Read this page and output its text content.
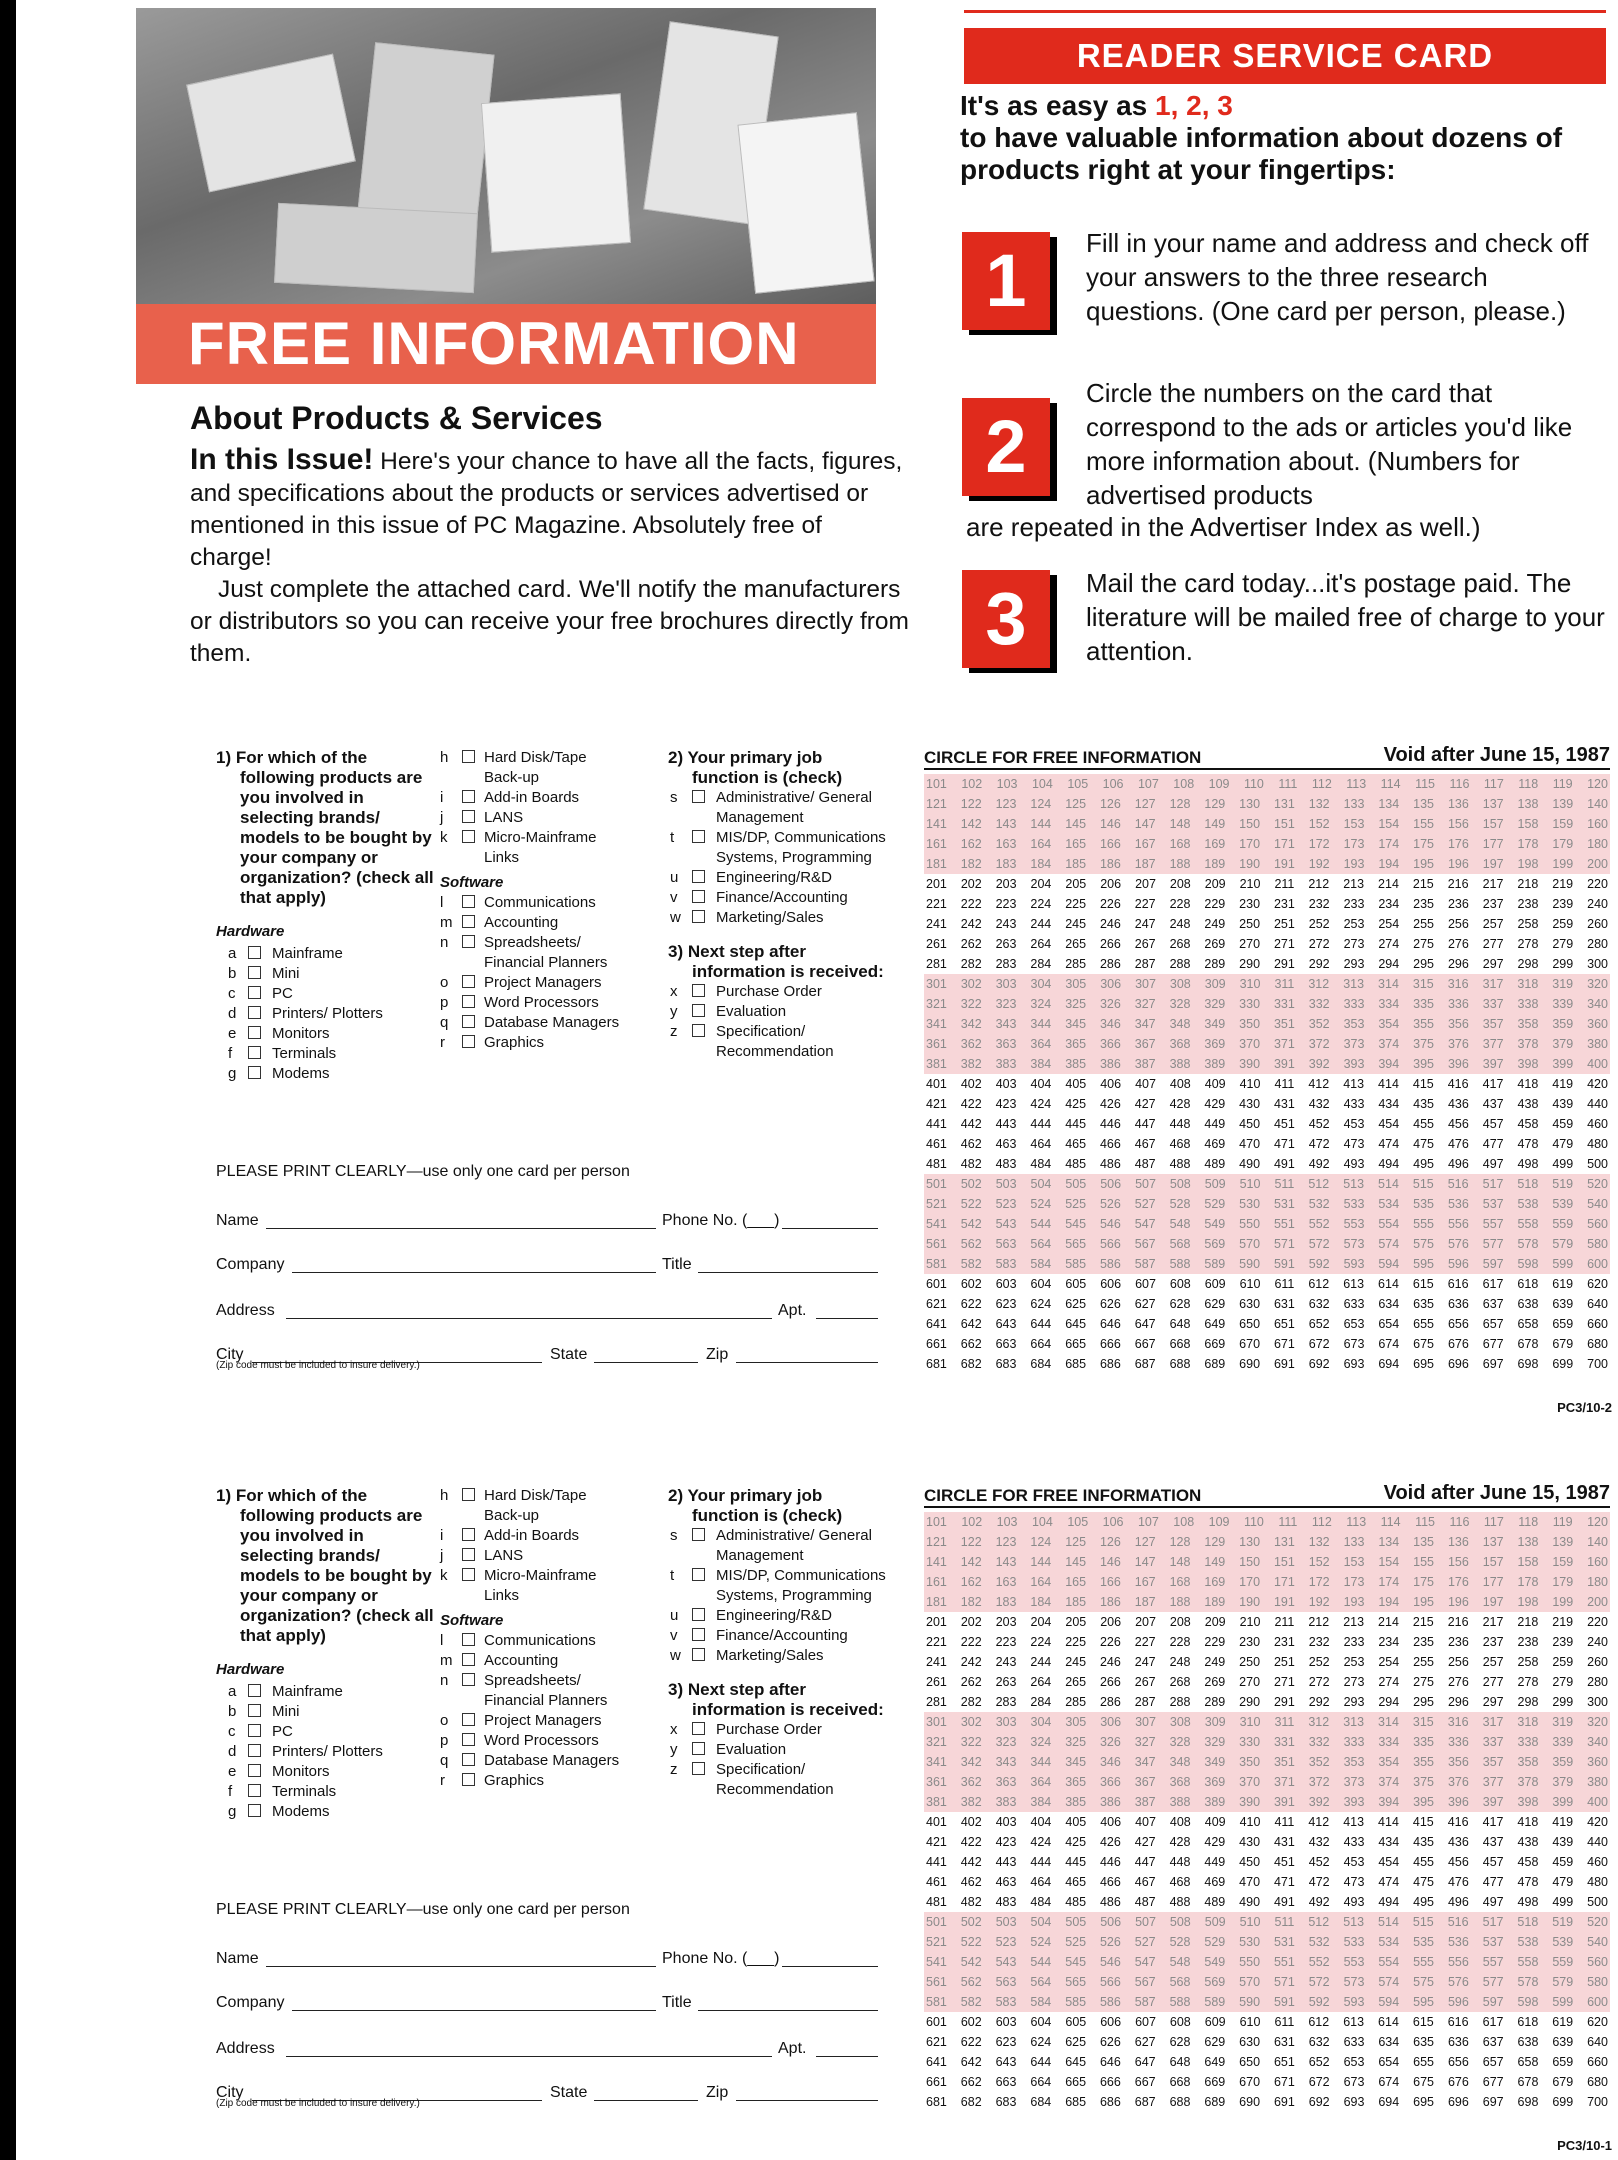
FREE INFORMATION
About Products & Services

In this Issue! Here's your chance to have all the facts, figures, and specifications about the products or services advertised or mentioned in this issue of PC Magazine. Absolutely free of charge!

Just complete the attached card. We'll notify the manufacturers or distributors so you can receive your free brochures directly from them.

READER SERVICE CARD
It's as easy as 1, 2, 3
to have valuable information about dozens of products right at your fingertips:
1	Fill in your name and address and check off your answers to the three research questions. (One card per person, please.)
2
Circle the numbers on the card that correspond to the ads or articles you'd like more information about. (Numbers for advertised products
are repeated in the Advertiser Index as well.)
3	Mail the card today...it's postage paid. The literature will be mailed free of charge to your attention.
1) For which of the following products are you involved in selecting brands/ models to be bought by your company or organization? (check all that apply)
Hardware
a Mainframe
b Mini
c PC
d Printers/ Plotters
e Monitors
f	Terminals
g Modems
h Hard Disk/Tape Back-up
i	Add-in Boards
j	LANS
k Micro-Mainframe Links
Software
l	Communications
m Accounting
n Spreadsheets/ Financial Planners
o Project Managers
p Word Processors
q Database Managers
r	Graphics
2) Your primary job function is (check)
s	Administrative/ General Management
t	MIS/DP, Communications Systems, Programming
u	Engineering/R&D
v	Finance/Accounting
w Marketing/Sales
3) Next step after information is received:
x	Purchase Order
y	Evaluation
z	Specification/ Recommendation
PLEASE PRINT CLEARLY—use only one card per person
Name	Phone No. (___)
Company	Title
Address	Apt.
City	State	Zip
(Zip code must be included to insure delivery.)
CIRCLE FOR FREE INFORMATION	Void after June 15, 1987
101 102 103 104 105 106 107 108 109 110 111 112 113 114 115 116 117 118 119 120
121 122 123 124 125 126 127 128 129 130 131 132 133 134 135 136 137 138 139 140
141 142 143 144 145 146 147 148 149 150 151 152 153 154 155 156 157 158 159 160
161 162 163 164 165 166 167 168 169 170 171 172 173 174 175 176 177 178 179 180
181 182 183 184 185 186 187 188 189 190 191 192 193 194 195 196 197 198 199 200
201 202 203 204 205 206 207 208 209 210 211 212 213 214 215 216 217 218 219 220
221 222 223 224 225 226 227 228 229 230 231 232 233 234 235 236 237 238 239 240
241 242 243 244 245 246 247 248 249 250 251 252 253 254 255 256 257 258 259 260
261 262 263 264 265 266 267 268 269 270 271 272 273 274 275 276 277 278 279 280
281 282 283 284 285 286 287 288 289 290 291 292 293 294 295 296 297 298 299 300
301 302 303 304 305 306 307 308 309 310 311 312 313 314 315 316 317 318 319 320
321 322 323 324 325 326 327 328 329 330 331 332 333 334 335 336 337 338 339 340
341 342 343 344 345 346 347 348 349 350 351 352 353 354 355 356 357 358 359 360
361 362 363 364 365 366 367 368 369 370 371 372 373 374 375 376 377 378 379 380
381 382 383 384 385 386 387 388 389 390 391 392 393 394 395 396 397 398 399 400
401 402 403 404 405 406 407 408 409 410 411 412 413 414 415 416 417 418 419 420
421 422 423 424 425 426 427 428 429 430 431 432 433 434 435 436 437 438 439 440
441 442 443 444 445 446 447 448 449 450 451 452 453 454 455 456 457 458 459 460
461 462 463 464 465 466 467 468 469 470 471 472 473 474 475 476 477 478 479 480
481 482 483 484 485 486 487 488 489 490 491 492 493 494 495 496 497 498 499 500
501 502 503 504 505 506 507 508 509 510 511 512 513 514 515 516 517 518 519 520
521 522 523 524 525 526 527 528 529 530 531 532 533 534 535 536 537 538 539 540
541 542 543 544 545 546 547 548 549 550 551 552 553 554 555 556 557 558 559 560
561 562 563 564 565 566 567 568 569 570 571 572 573 574 575 576 577 578 579 580
581 582 583 584 585 586 587 588 589 590 591 592 593 594 595 596 597 598 599 600
601 602 603 604 605 606 607 608 609 610 611 612 613 614 615 616 617 618 619 620
621 622 623 624 625 626 627 628 629 630 631 632 633 634 635 636 637 638 639 640
641 642 643 644 645 646 647 648 649 650 651 652 653 654 655 656 657 658 659 660
661 662 663 664 665 666 667 668 669 670 671 672 673 674 675 676 677 678 679 680
681 682 683 684 685 686 687 688 689 690 691 692 693 694 695 696 697 698 699 700
PC3/10-2
1) For which of the following products are you involved in selecting brands/ models to be bought by your company or organization? (check all that apply)
Hardware
a Mainframe
b Mini
c PC
d Printers/ Plotters
e Monitors
f	Terminals
g Modems
h Hard Disk/Tape Back-up
i	Add-in Boards
j	LANS
k Micro-Mainframe Links
Software
l	Communications
m Accounting
n Spreadsheets/ Financial Planners
o Project Managers
p Word Processors
q Database Managers
r	Graphics
2) Your primary job function is (check)
s	Administrative/ General Management
t	MIS/DP, Communications Systems, Programming
u	Engineering/R&D
v	Finance/Accounting
w Marketing/Sales
3) Next step after information is received:
x	Purchase Order
y	Evaluation
z	Specification/ Recommendation
PLEASE PRINT CLEARLY—use only one card per person
Name	Phone No. (___)
Company	Title
Address	Apt.
City	State	Zip
(Zip code must be included to insure delivery.)
CIRCLE FOR FREE INFORMATION	Void after June 15, 1987
101 102 103 104 105 106 107 108 109 110 111 112 113 114 115 116 117 118 119 120
121 122 123 124 125 126 127 128 129 130 131 132 133 134 135 136 137 138 139 140
141 142 143 144 145 146 147 148 149 150 151 152 153 154 155 156 157 158 159 160
161 162 163 164 165 166 167 168 169 170 171 172 173 174 175 176 177 178 179 180
181 182 183 184 185 186 187 188 189 190 191 192 193 194 195 196 197 198 199 200
201 202 203 204 205 206 207 208 209 210 211 212 213 214 215 216 217 218 219 220
221 222 223 224 225 226 227 228 229 230 231 232 233 234 235 236 237 238 239 240
241 242 243 244 245 246 247 248 249 250 251 252 253 254 255 256 257 258 259 260
261 262 263 264 265 266 267 268 269 270 271 272 273 274 275 276 277 278 279 280
281 282 283 284 285 286 287 288 289 290 291 292 293 294 295 296 297 298 299 300
301 302 303 304 305 306 307 308 309 310 311 312 313 314 315 316 317 318 319 320
321 322 323 324 325 326 327 328 329 330 331 332 333 334 335 336 337 338 339 340
341 342 343 344 345 346 347 348 349 350 351 352 353 354 355 356 357 358 359 360
361 362 363 364 365 366 367 368 369 370 371 372 373 374 375 376 377 378 379 380
381 382 383 384 385 386 387 388 389 390 391 392 393 394 395 396 397 398 399 400
401 402 403 404 405 406 407 408 409 410 411 412 413 414 415 416 417 418 419 420
421 422 423 424 425 426 427 428 429 430 431 432 433 434 435 436 437 438 439 440
441 442 443 444 445 446 447 448 449 450 451 452 453 454 455 456 457 458 459 460
461 462 463 464 465 466 467 468 469 470 471 472 473 474 475 476 477 478 479 480
481 482 483 484 485 486 487 488 489 490 491 492 493 494 495 496 497 498 499 500
501 502 503 504 505 506 507 508 509 510 511 512 513 514 515 516 517 518 519 520
521 522 523 524 525 526 527 528 529 530 531 532 533 534 535 536 537 538 539 540
541 542 543 544 545 546 547 548 549 550 551 552 553 554 555 556 557 558 559 560
561 562 563 564 565 566 567 568 569 570 571 572 573 574 575 576 577 578 579 580
581 582 583 584 585 586 587 588 589 590 591 592 593 594 595 596 597 598 599 600
601 602 603 604 605 606 607 608 609 610 611 612 613 614 615 616 617 618 619 620
621 622 623 624 625 626 627 628 629 630 631 632 633 634 635 636 637 638 639 640
641 642 643 644 645 646 647 648 649 650 651 652 653 654 655 656 657 658 659 660
661 662 663 664 665 666 667 668 669 670 671 672 673 674 675 676 677 678 679 680
681 682 683 684 685 686 687 688 689 690 691 692 693 694 695 696 697 698 699 700
PC3/10-1
